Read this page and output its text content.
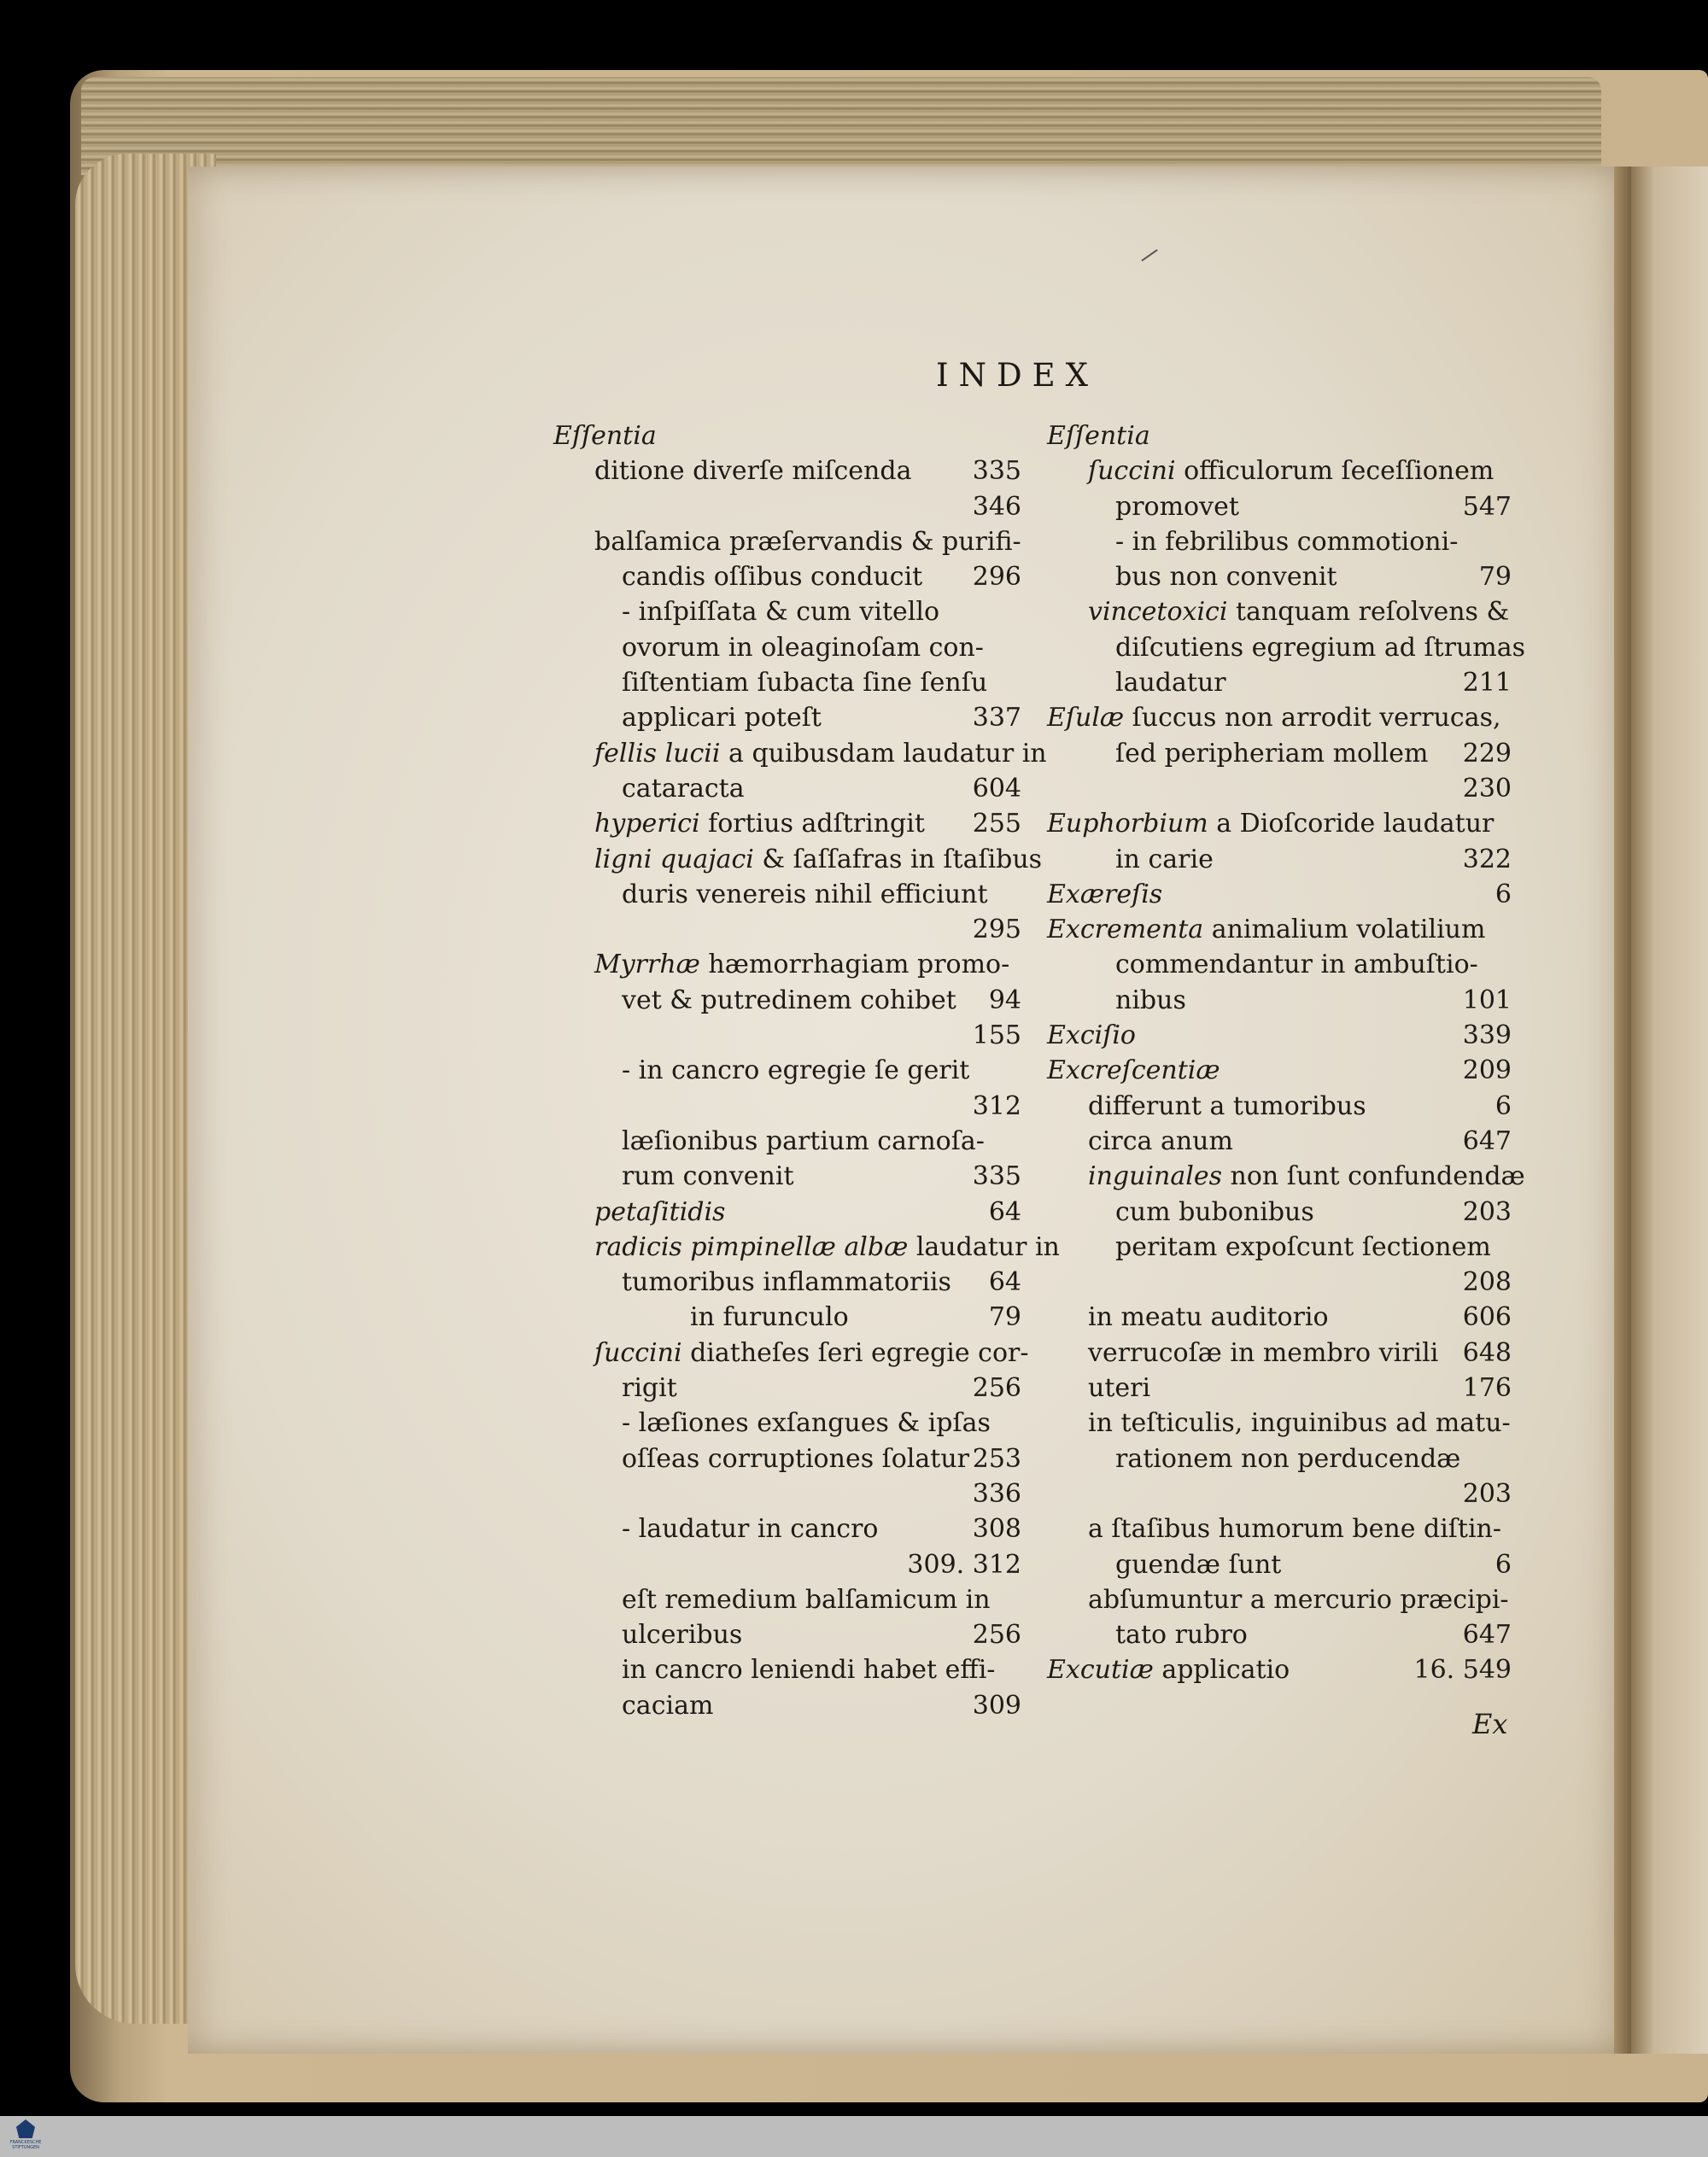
INDEX
Eſſentia
ditione diverſe miſcenda 335
346
balſamica præſervandis & purifi-
candis oſſibus conducit 296
- inſpiſſata & cum vitello
ovorum in oleaginoſam con-
ſiſtentiam ſubacta ſine ſenſu
applicari poteſt	337
fellis lucii a quibusdam laudatur in
cataracta	604
hyperici fortius adſtringit 255
ligni quajaci & ſaſſafras in ſtaſibus
duris venereis nihil efficiunt
295
Myrrhæ hæmorrhagiam promo-
vet & putredinem cohibet 94
155
- in cancro egregie ſe gerit
312
læſionibus partium carnoſa-
rum convenit	335
petaſitidis	64
radicis pimpinellæ albæ laudatur in
tumoribus inflammatoriis 64
in furunculo	79
ſuccini diatheſes ſeri egregie cor-
rigit	256
- læſiones exſangues & ipſas
oſſeas corruptiones ſolatur 253
336
- laudatur in cancro	308
309. 312
eſt remedium balſamicum in
ulceribus	256
in cancro leniendi habet effi-
caciam	309
Eſſentia
ſuccini officulorum ſeceſſionem
promovet	547
- in febrilibus commotioni-
bus non convenit	79
vincetoxici tanquam reſolvens &
diſcutiens egregium ad ſtrumas
laudatur	211
Eſulæ ſuccus non arrodit verrucas,
ſed peripheriam mollem 229
230
Euphorbium a Dioſcoride laudatur
in carie	322
Exæreſis	6
Excrementa animalium volatilium
commendantur in ambuſtio-
nibus	101
Exciſio	339
Excreſcentiæ	209
differunt a tumoribus	6
circa anum	647
inguinales non ſunt confundendæ
cum bubonibus	203
peritam expoſcunt ſectionem
208
in meatu auditorio	606
verrucoſæ in membro virili 648
uteri	176
in teſticulis, inguinibus ad matu-
rationem non perducendæ
203
a ſtaſibus humorum bene diſtin-
guendæ ſunt	6
abſumuntur a mercurio præcipi-
tato rubro	647
Excutiæ applicatio	16. 549
Ex
FRANCKESCHE STIFTUNGEN
